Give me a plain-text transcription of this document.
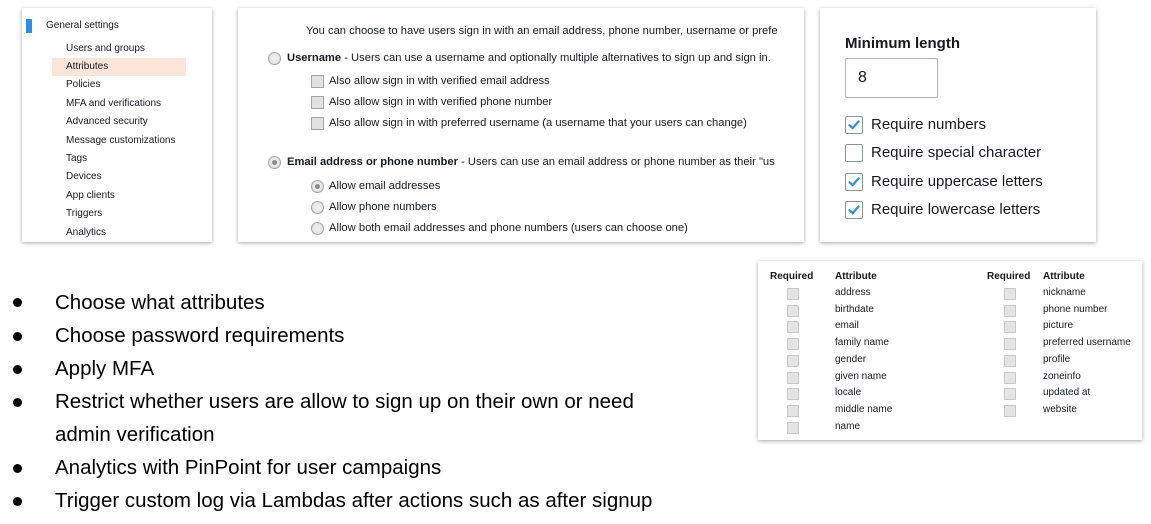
General settings
Users and groups
Attributes
Policies
MFA and verifications
Advanced security
Message customizations
Tags
Devices
App clients
Triggers
Analytics
You can choose to have users sign in with an email address, phone number, username or prefe
Username - Users can use a username and optionally multiple alternatives to sign up and sign in.
Also allow sign in with verified email address
Also allow sign in with verified phone number
Also allow sign in with preferred username (a username that your users can change)
Email address or phone number - Users can use an email address or phone number as their "us
Allow email addresses
Allow phone numbers
Allow both email addresses and phone numbers (users can choose one)
Minimum length
8
Require numbers
Require special character
Require uppercase letters
Require lowercase letters
Choose what attributes
Choose password requirements
Apply MFA
Restrict whether users are allow to sign up on their own or need
admin verification
Analytics with PinPoint for user campaigns
Trigger custom log via Lambdas after actions such as after signup
Required Attribute	Required Attribute
address
birthdate
email
family name
gender
given name
locale
middle name
name
nickname
phone number
picture
preferred username
profile
zoneinfo
updated at
website
